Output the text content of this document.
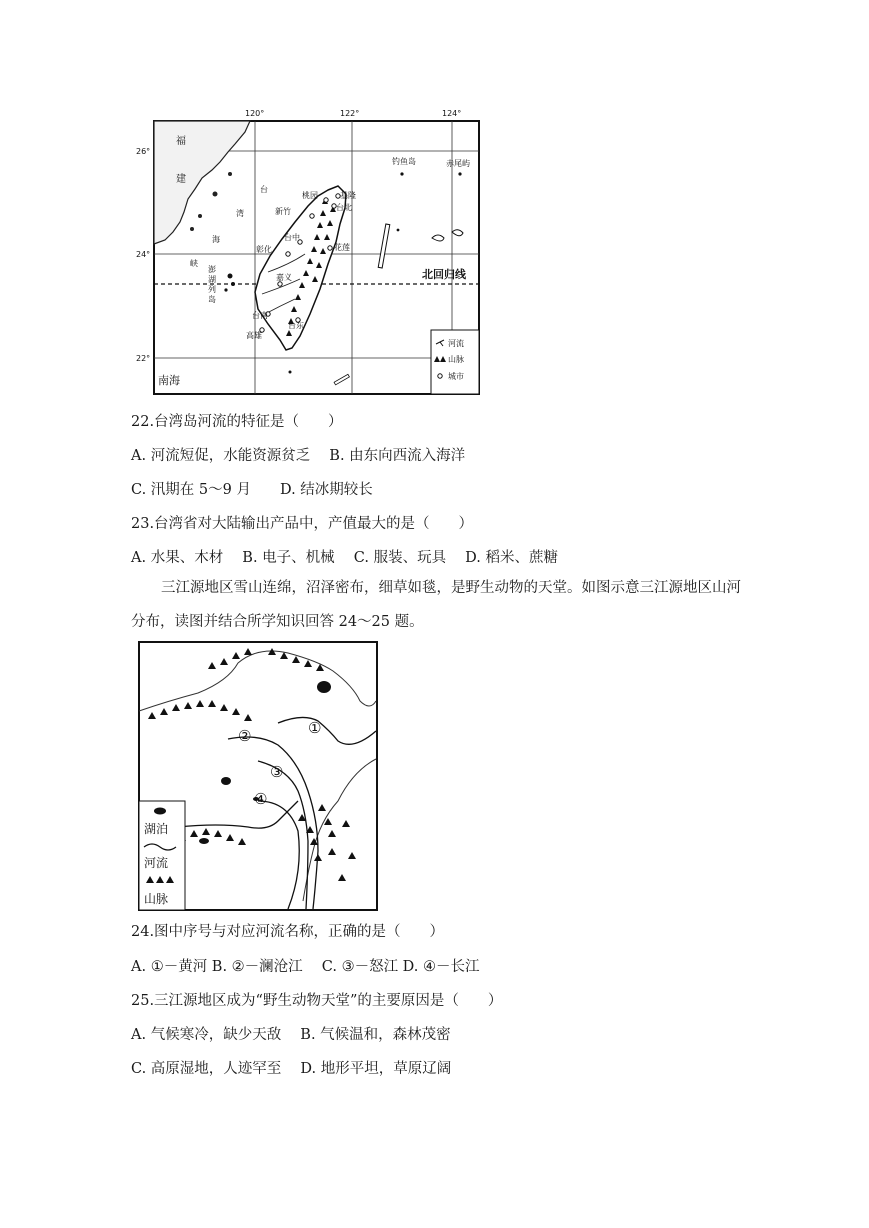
120°	122°	124°
26°
24°
22°
桃园	基隆
台北
新竹
台中
彰化	花莲
嘉义
台南
高雄
台东
福
建
台
湾
海
峡
澎
湖
列
岛
钓鱼岛	赤尾屿
北回归线
南海
河流
山脉
城市
22.台湾岛河流的特征是（　　）
A. 河流短促，水能资源贫乏　 B. 由东向西流入海洋
C. 汛期在 5～9 月　　D. 结冰期较长
23.台湾省对大陆输出产品中，产值最大的是（　　）
A. 水果、木材　 B. 电子、机械　 C. 服装、玩具　 D. 稻米、蔗糖
三江源地区雪山连绵，沼泽密布，细草如毯，是野生动物的天堂。如图示意三江源地区山河分布，读图并结合所学知识回答 24～25 题。
①
②
③
④
湖泊
河流
山脉
24.图中序号与对应河流名称，正确的是（　　）
A. ①－黄河 B. ②－澜沧江　 C. ③－怒江 D. ④－长江
25.三江源地区成为“野生动物天堂”的主要原因是（　　）
A. 气候寒冷，缺少天敌　 B. 气候温和，森林茂密
C. 高原湿地，人迹罕至　 D. 地形平坦，草原辽阔
